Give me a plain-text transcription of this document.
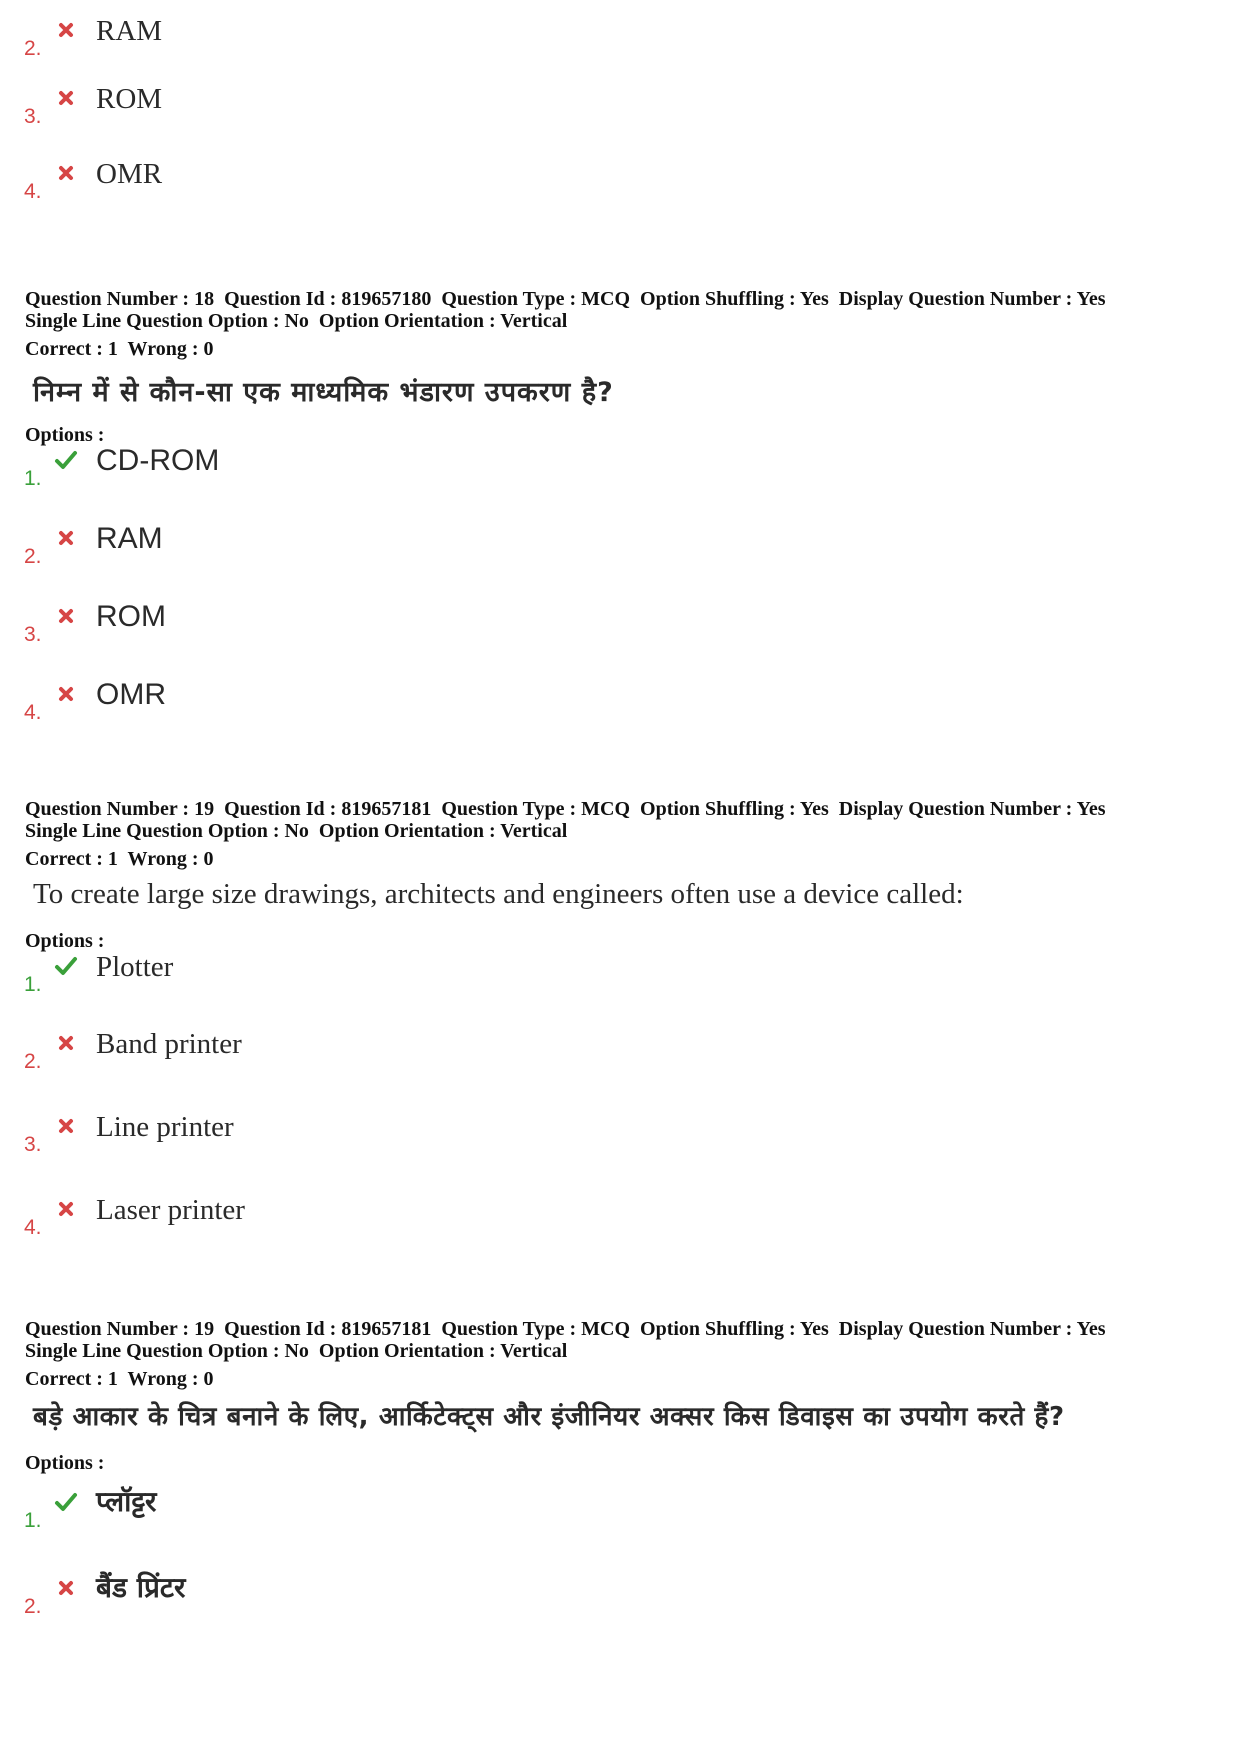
2.
RAM
3.
ROM
4.
OMR
Question Number : 18  Question Id : 819657180  Question Type : MCQ  Option Shuffling : Yes  Display Question Number : Yes
Single Line Question Option : No  Option Orientation : Vertical
Correct : 1  Wrong : 0
निम्न में से कौन-सा एक माध्यमिक भंडारण उपकरण है?
Options :
1.
CD-ROM
2.
RAM
3.
ROM
4.
OMR
Question Number : 19  Question Id : 819657181  Question Type : MCQ  Option Shuffling : Yes  Display Question Number : Yes
Single Line Question Option : No  Option Orientation : Vertical
Correct : 1  Wrong : 0
To create large size drawings, architects and engineers often use a device called:
Options :
1.
Plotter
2.
Band printer
3.
Line printer
4.
Laser printer
Question Number : 19  Question Id : 819657181  Question Type : MCQ  Option Shuffling : Yes  Display Question Number : Yes
Single Line Question Option : No  Option Orientation : Vertical
Correct : 1  Wrong : 0
बड़े आकार के चित्र बनाने के लिए, आर्किटेक्ट्स और इंजीनियर अक्सर किस डिवाइस का उपयोग करते हैं?
Options :
1.
प्लॉट्टर
2.
बैंड प्रिंटर
